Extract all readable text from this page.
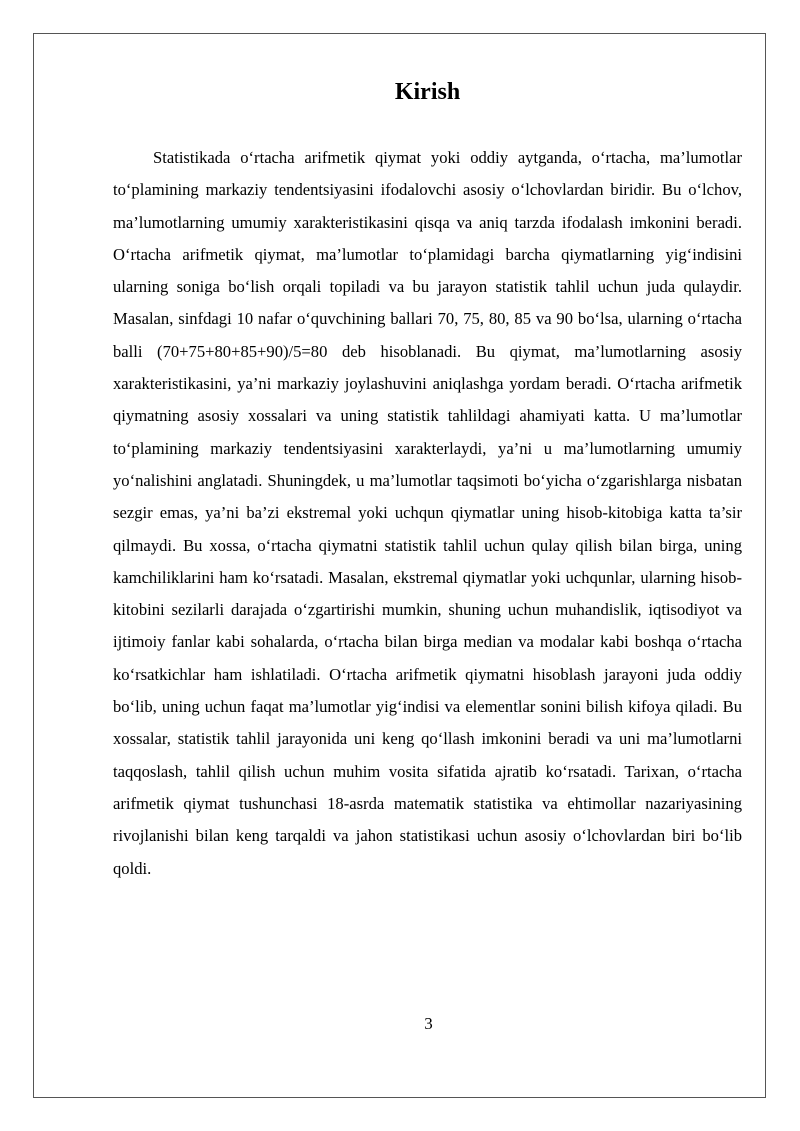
Kirish

Statistikada o‘rtacha arifmetik qiymat yoki oddiy aytganda, o‘rtacha, ma’lumotlar to‘plamining markaziy tendentsiyasini ifodalovchi asosiy o‘lchovlardan biridir. Bu o‘lchov, ma’lumotlarning umumiy xarakteristikasini qisqa va aniq tarzda ifodalash imkonini beradi. O‘rtacha arifmetik qiymat, ma’lumotlar to‘plamidagi barcha qiymatlarning yig‘indisini ularning soniga bo‘lish orqali topiladi va bu jarayon statistik tahlil uchun juda qulaydir. Masalan, sinfdagi 10 nafar o‘quvchining ballari 70, 75, 80, 85 va 90 bo‘lsa, ularning o‘rtacha balli (70+75+80+85+90)/5=80 deb hisoblanadi. Bu qiymat, ma’lumotlarning asosiy xarakteristikasini, ya’ni markaziy joylashuvini aniqlashga yordam beradi. O‘rtacha arifmetik qiymatning asosiy xossalari va uning statistik tahlildagi ahamiyati katta. U ma’lumotlar to‘plamining markaziy tendentsiyasini xarakterlaydi, ya’ni u ma’lumotlarning umumiy yo‘nalishini anglatadi. Shuningdek, u ma’lumotlar taqsimoti bo‘yicha o‘zgarishlarga nisbatan sezgir emas, ya’ni ba’zi ekstremal yoki uchqun qiymatlar uning hisob-kitobiga katta ta’sir qilmaydi. Bu xossa, o‘rtacha qiymatni statistik tahlil uchun qulay qilish bilan birga, uning kamchiliklarini ham ko‘rsatadi. Masalan, ekstremal qiymatlar yoki uchqunlar, ularning hisob-kitobini sezilarli darajada o‘zgartirishi mumkin, shuning uchun muhandislik, iqtisodiyot va ijtimoiy fanlar kabi sohalarda, o‘rtacha bilan birga median va modalar kabi boshqa o‘rtacha ko‘rsatkichlar ham ishlatiladi. O‘rtacha arifmetik qiymatni hisoblash jarayoni juda oddiy bo‘lib, uning uchun faqat ma’lumotlar yig‘indisi va elementlar sonini bilish kifoya qiladi. Bu xossalar, statistik tahlil jarayonida uni keng qo‘llash imkonini beradi va uni ma’lumotlarni taqqoslash, tahlil qilish uchun muhim vosita sifatida ajratib ko‘rsatadi. Tarixan, o‘rtacha arifmetik qiymat tushunchasi 18-asrda matematik statistika va ehtimollar nazariyasining rivojlanishi bilan keng tarqaldi va jahon statistikasi uchun asosiy o‘lchovlardan biri bo‘lib qoldi.

3
